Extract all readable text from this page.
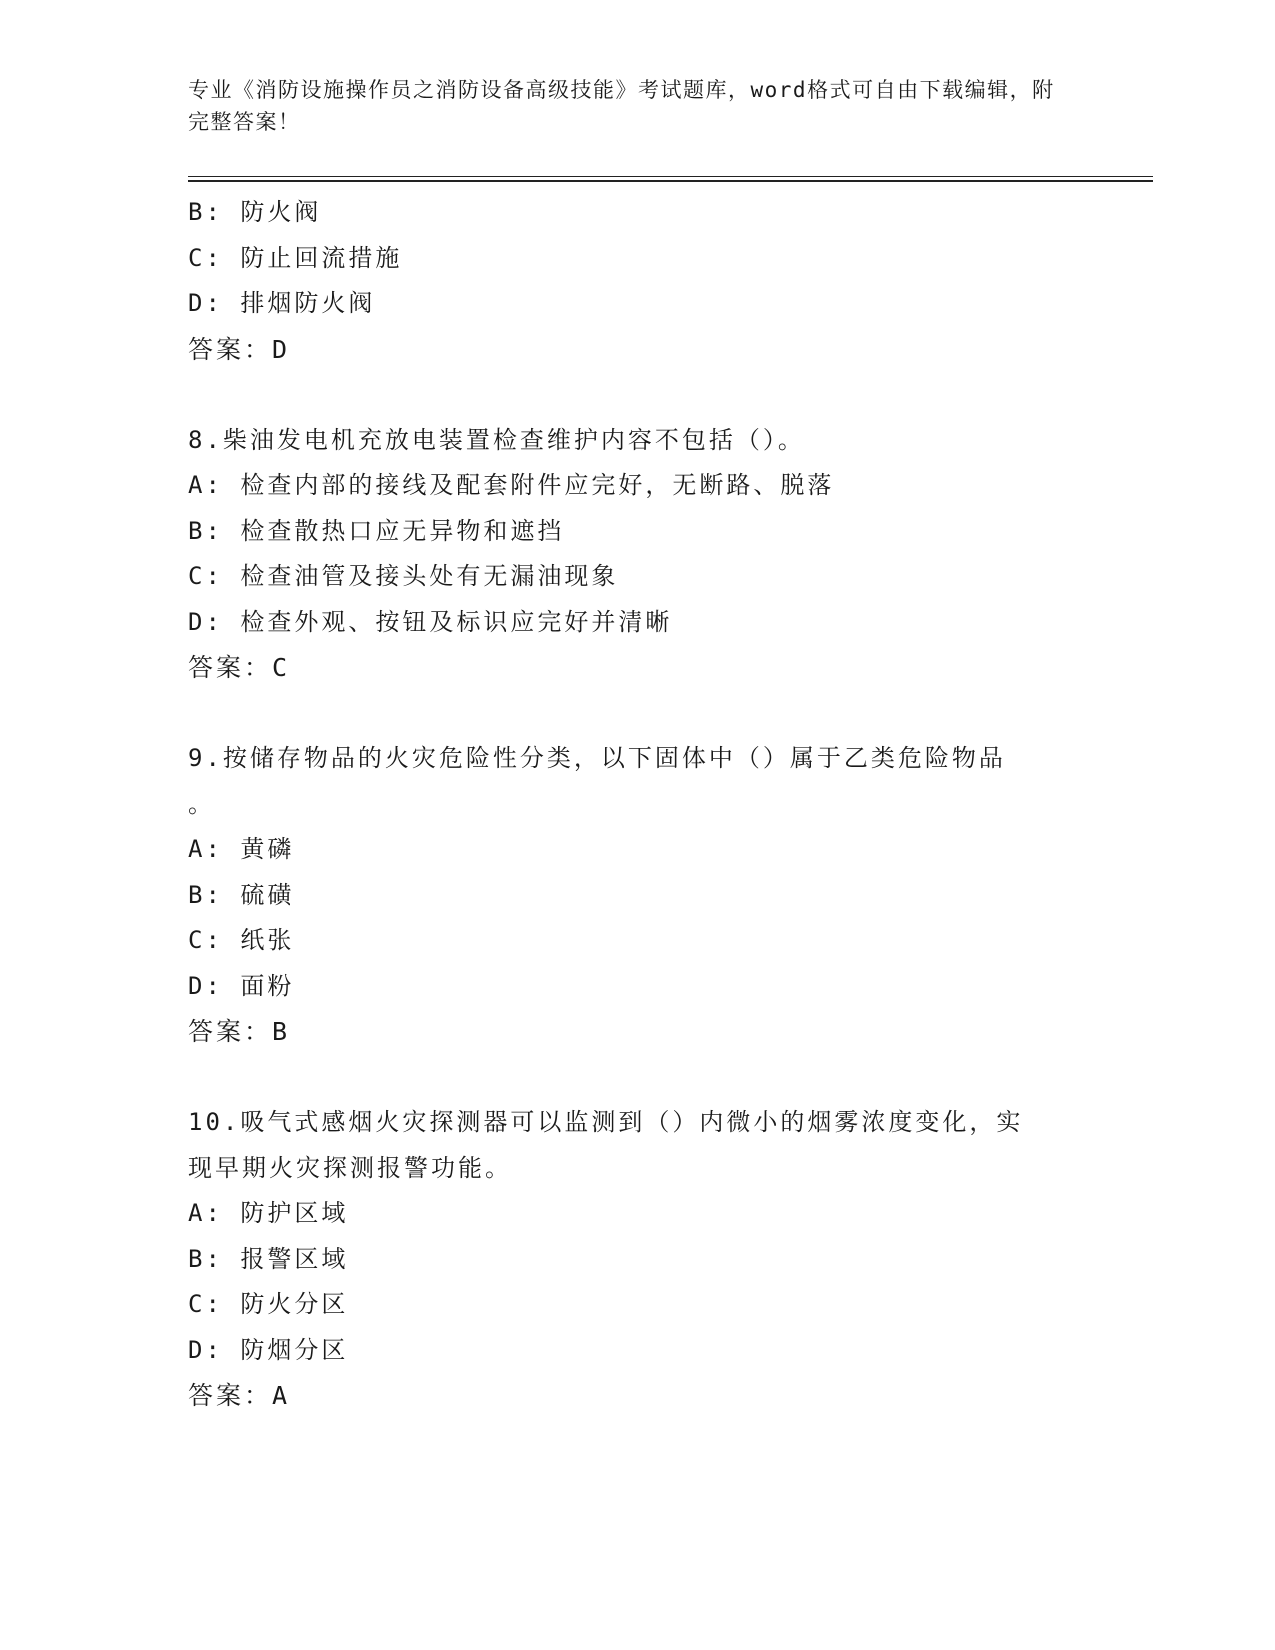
专业《消防设施操作员之消防设备高级技能》考试题库，word格式可自由下载编辑，附完整答案！
B: 防火阀
C: 防止回流措施
D: 排烟防火阀
答案：D
8.柴油发电机充放电装置检查维护内容不包括（）。
A: 检查内部的接线及配套附件应完好，无断路、脱落
B: 检查散热口应无异物和遮挡
C: 检查油管及接头处有无漏油现象
D: 检查外观、按钮及标识应完好并清晰
答案：C
9.按储存物品的火灾危险性分类，以下固体中（）属于乙类危险物品
。
A: 黄磷
B: 硫磺
C: 纸张
D: 面粉
答案：B
10.吸气式感烟火灾探测器可以监测到（）内微小的烟雾浓度变化，实
现早期火灾探测报警功能。
A: 防护区域
B: 报警区域
C: 防火分区
D: 防烟分区
答案：A
